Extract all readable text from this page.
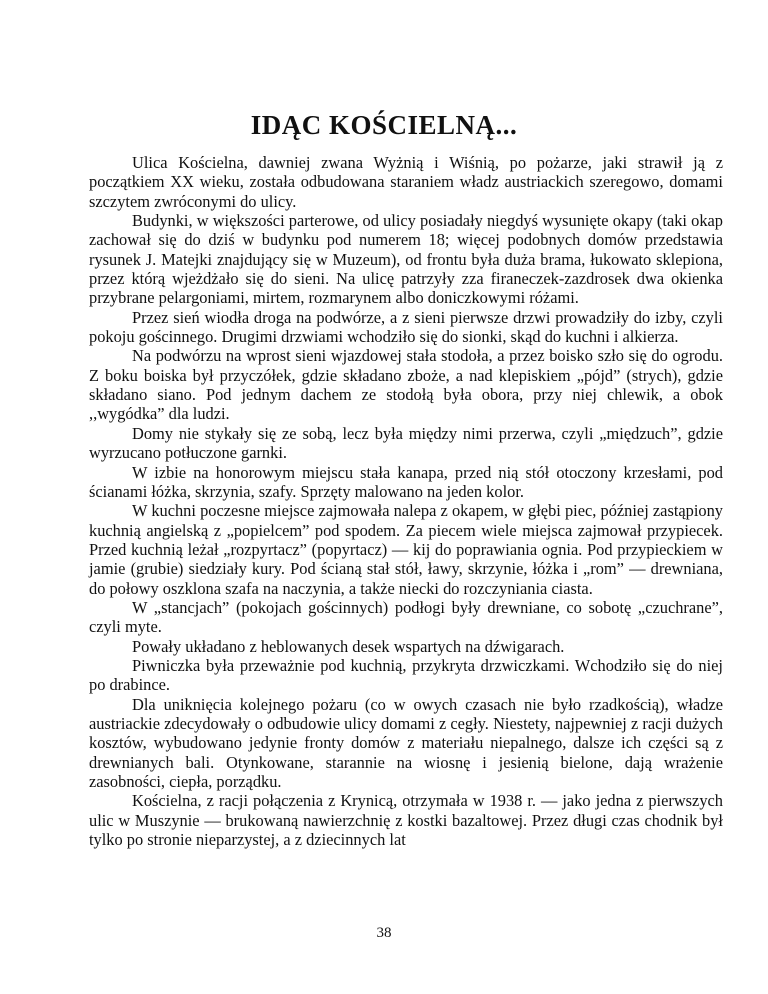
IDĄC KOŚCIELNĄ...

Ulica Kościelna, dawniej zwana Wyżnią i Wiśnią, po pożarze, jaki strawił ją z początkiem XX wieku, została odbudowana staraniem władz austriackich szeregowo, domami szczytem zwróconymi do ulicy.

Budynki, w większości parterowe, od ulicy posiadały niegdyś wysunięte okapy (taki okap zachował się do dziś w budynku pod numerem 18; więcej podobnych domów przedstawia rysunek J. Matejki znajdujący się w Muzeum), od frontu była duża brama, łukowato sklepiona, przez którą wjeżdżało się do sieni. Na ulicę patrzyły zza firaneczek-zazdrosek dwa okienka przybrane pelargoniami, mirtem, rozmarynem albo doniczkowymi różami.

Przez sień wiodła droga na podwórze, a z sieni pierwsze drzwi prowadziły do izby, czyli pokoju gościnnego. Drugimi drzwiami wchodziło się do sionki, skąd do kuchni i alkierza.

Na podwórzu na wprost sieni wjazdowej stała stodoła, a przez boisko szło się do ogrodu. Z boku boiska był przyczółek, gdzie składano zboże, a nad klepiskiem „pójd” (strych), gdzie składano siano. Pod jednym dachem ze stodołą była obora, przy niej chlewik, a obok ,,wygódka” dla ludzi.

Domy nie stykały się ze sobą, lecz była między nimi przerwa, czyli „międzuch”, gdzie wyrzucano potłuczone garnki.

W izbie na honorowym miejscu stała kanapa, przed nią stół otoczony krzesłami, pod ścianami łóżka, skrzynia, szafy. Sprzęty malowano na jeden kolor.

W kuchni poczesne miejsce zajmowała nalepa z okapem, w głębi piec, później zastąpiony kuchnią angielską z „popielcem” pod spodem. Za piecem wiele miejsca zajmował przypiecek. Przed kuchnią leżał „rozpyrtacz” (popyrtacz) — kij do poprawiania ognia. Pod przypieckiem w jamie (grubie) siedziały kury. Pod ścianą stał stół, ławy, skrzynie, łóżka i „rom” — drewniana, do połowy oszklona szafa na naczynia, a także niecki do rozczyniania ciasta.

W „stancjach” (pokojach gościnnych) podłogi były drewniane, co sobotę „czuchrane”, czyli myte.

Powały układano z heblowanych desek wspartych na dźwigarach.

Piwniczka była przeważnie pod kuchnią, przykryta drzwiczkami. Wchodziło się do niej po drabince.

Dla uniknięcia kolejnego pożaru (co w owych czasach nie było rzadkością), władze austriackie zdecydowały o odbudowie ulicy domami z cegły. Niestety, najpewniej z racji dużych kosztów, wybudowano jedynie fronty domów z materiału niepalnego, dalsze ich części są z drewnianych bali. Otynkowane, starannie na wiosnę i jesienią bielone, dają wrażenie zasobności, ciepła, porządku.

Kościelna, z racji połączenia z Krynicą, otrzymała w 1938 r. — jako jedna z pierwszych ulic w Muszynie — brukowaną nawierzchnię z kostki bazaltowej. Przez długi czas chodnik był tylko po stronie nieparzystej, a z dziecinnych lat

38
